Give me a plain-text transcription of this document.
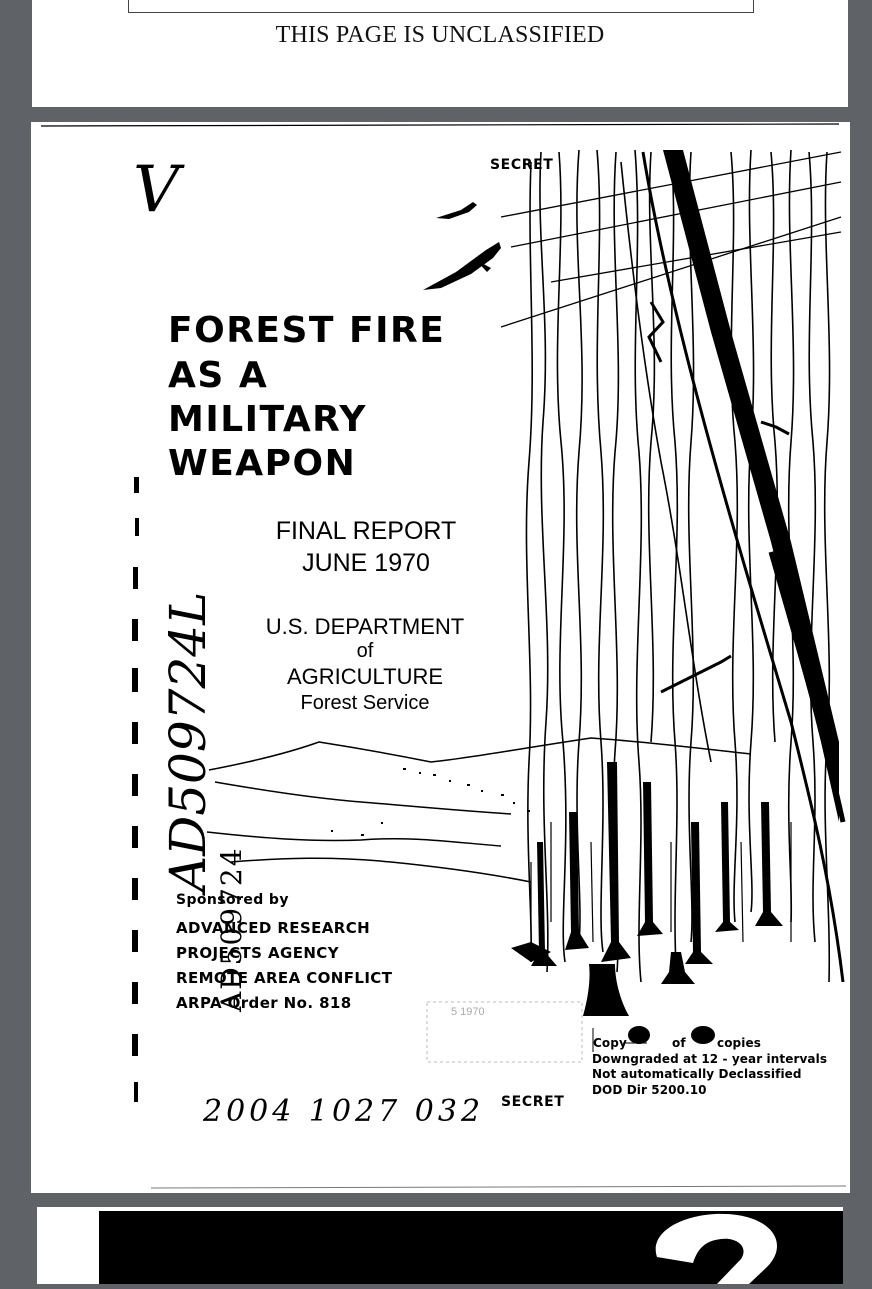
THIS PAGE IS UNCLASSIFIED
V	SECRET
FOREST FIRE
AS A
MILITARY
WEAPON
FINAL REPORT
JUNE 1970
U.S. DEPARTMENT
of
AGRICULTURE
Forest Service
AD509724
AD509724L
Sponsored by
ADVANCED RESEARCH
PROJECTS AGENCY
REMOTE AREA CONFLICT
ARPA Order No. 818	5 1970
Copy	of	copies
Downgraded at 12 - year intervals
Not automatically Declassified
DOD Dir 5200.10
SECRET
2004 1027 032
